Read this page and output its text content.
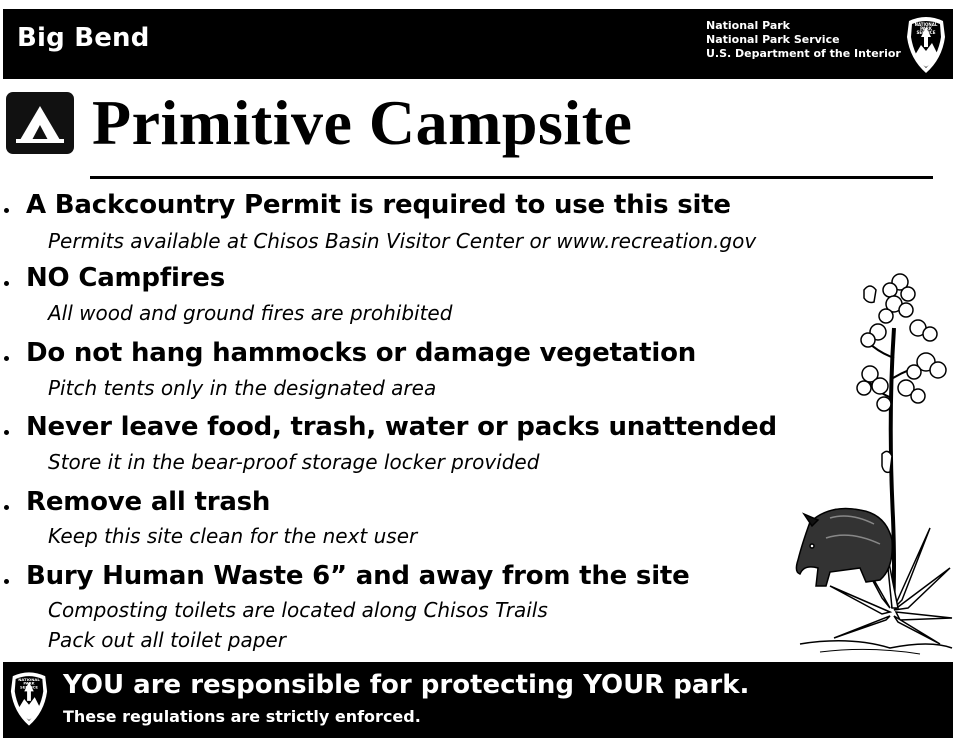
Big Bend	National Park
National Park Service
U.S. Department of the Interior
NATIONAL
PARK
SERVICE
Primitive Campsite
A Backcountry Permit is required to use this site
Permits available at Chisos Basin Visitor Center or www.recreation.gov
NO Campfires
All wood and ground fires are prohibited
Do not hang hammocks or damage vegetation
Pitch tents only in the designated area
Never leave food, trash, water or packs unattended
Store it in the bear-proof storage locker provided
Remove all trash
Keep this site clean for the next user
Bury Human Waste 6” and away from the site
Composting toilets are located along Chisos Trails
Pack out all toilet paper
NATIONAL
PARK
SERVICE YOU are responsible for protecting YOUR park.
These regulations are strictly enforced.
